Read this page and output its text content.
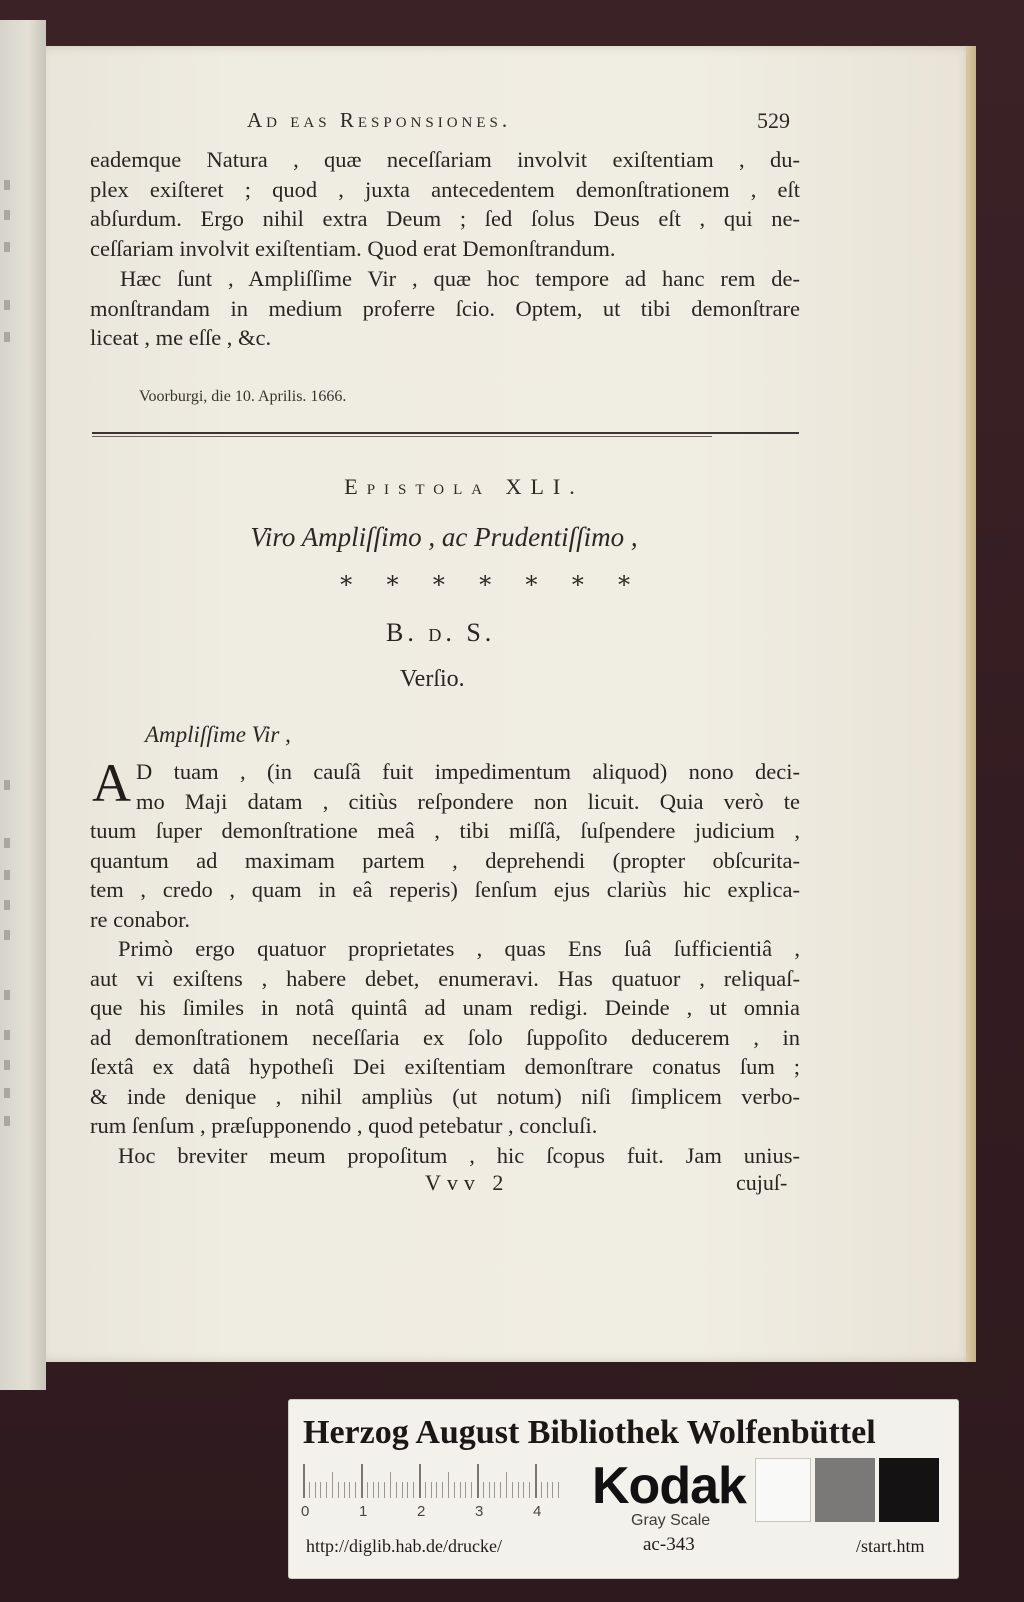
Ad eas Responsiones.	529
eademque Natura , quæ neceſſariam involvit exiſtentiam , du-
plex exiſteret ; quod , juxta antecedentem demonſtrationem , eſt
abſurdum. Ergo nihil extra Deum ; ſed ſolus Deus eſt , qui ne-
ceſſariam involvit exiſtentiam. Quod erat Demonſtrandum.
Hæc ſunt , Ampliſſime Vir , quæ hoc tempore ad hanc rem de-
monſtrandam in medium proferre ſcio. Optem, ut tibi demonſtrare
liceat , me eſſe , &c.
Voorburgi, die 10. Aprilis. 1666.
Epistola XLI.
Viro Ampliſſimo , ac Prudentiſſimo ,
∗ ∗ ∗ ∗ ∗ ∗ ∗
B. d. S.
Verſio.
Ampliſſime Vir ,
A D tuam , (in cauſâ fuit impedimentum aliquod) nono deci-
mo Maji datam , citiùs reſpondere non licuit. Quia verò te
tuum ſuper demonſtratione meâ , tibi miſſâ, ſuſpendere judicium ,
quantum ad maximam partem , deprehendi (propter obſcurita-
tem , credo , quam in eâ reperis) ſenſum ejus clariùs hic explica-
re conabor.
Primò ergo quatuor proprietates , quas Ens ſuâ ſufficientiâ ,
aut vi exiſtens , habere debet, enumeravi. Has quatuor , reliquaſ-
que his ſimiles in notâ quintâ ad unam redigi. Deinde , ut omnia
ad demonſtrationem neceſſaria ex ſolo ſuppoſito deducerem , in
ſextâ ex datâ hypotheſi Dei exiſtentiam demonſtrare conatus ſum ;
& inde denique , nihil ampliùs (ut notum) niſi ſimplicem verbo-
rum ſenſum , præſupponendo , quod petebatur , concluſi.
Hoc breviter meum propoſitum , hic ſcopus fuit. Jam unius-
Vvv 2	cujuſ-
Herzog August Bibliothek Wolfenbüttel
0	1	2	3	4 Kodak
Gray Scale
http://diglib.hab.de/drucke/	ac-343	/start.htm
